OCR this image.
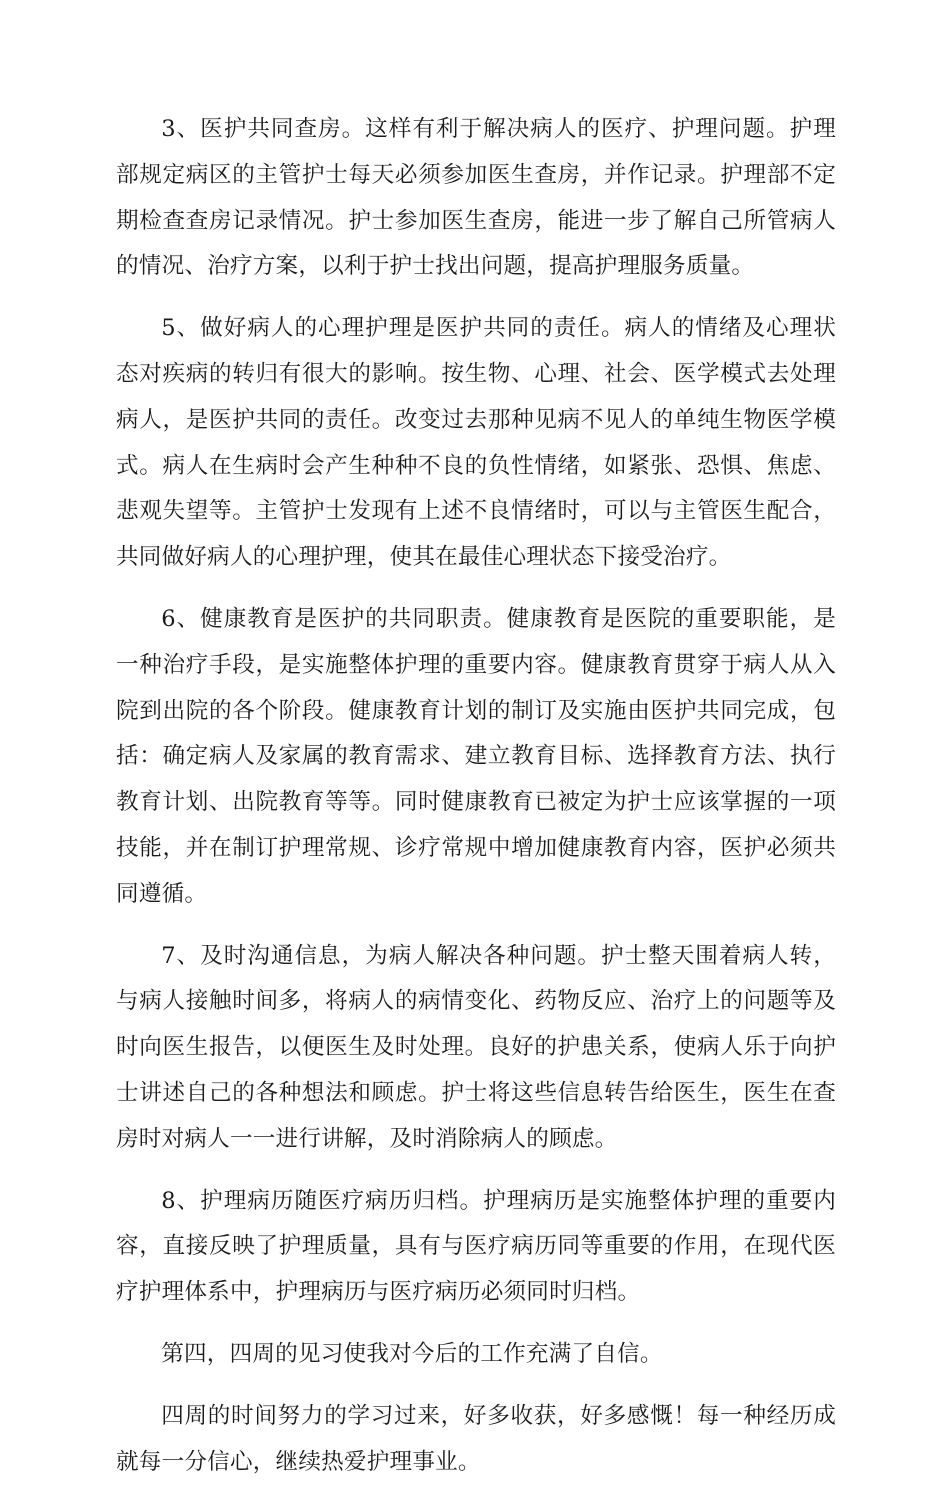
3、医护共同查房。这样有利于解决病人的医疗、护理问题。护理部规定病区的主管护士每天必须参加医生查房，并作记录。护理部不定期检查查房记录情况。护士参加医生查房，能进一步了解自己所管病人的情况、治疗方案，以利于护士找出问题，提高护理服务质量。

5、做好病人的心理护理是医护共同的责任。病人的情绪及心理状态对疾病的转归有很大的影响。按生物、心理、社会、医学模式去处理病人，是医护共同的责任。改变过去那种见病不见人的单纯生物医学模式。病人在生病时会产生种种不良的负性情绪，如紧张、恐惧、焦虑、悲观失望等。主管护士发现有上述不良情绪时，可以与主管医生配合，共同做好病人的心理护理，使其在最佳心理状态下接受治疗。

6、健康教育是医护的共同职责。健康教育是医院的重要职能，是一种治疗手段，是实施整体护理的重要内容。健康教育贯穿于病人从入院到出院的各个阶段。健康教育计划的制订及实施由医护共同完成，包括：确定病人及家属的教育需求、建立教育目标、选择教育方法、执行教育计划、出院教育等等。同时健康教育已被定为护士应该掌握的一项技能，并在制订护理常规、诊疗常规中增加健康教育内容，医护必须共同遵循。

7、及时沟通信息，为病人解决各种问题。护士整天围着病人转，与病人接触时间多，将病人的病情变化、药物反应、治疗上的问题等及时向医生报告，以便医生及时处理。良好的护患关系，使病人乐于向护士讲述自己的各种想法和顾虑。护士将这些信息转告给医生，医生在查房时对病人一一进行讲解，及时消除病人的顾虑。

8、护理病历随医疗病历归档。护理病历是实施整体护理的重要内容，直接反映了护理质量，具有与医疗病历同等重要的作用，在现代医疗护理体系中，护理病历与医疗病历必须同时归档。

第四，四周的见习使我对今后的工作充满了自信。

四周的时间努力的学习过来，好多收获，好多感慨！每一种经历成就每一分信心，继续热爱护理事业。
